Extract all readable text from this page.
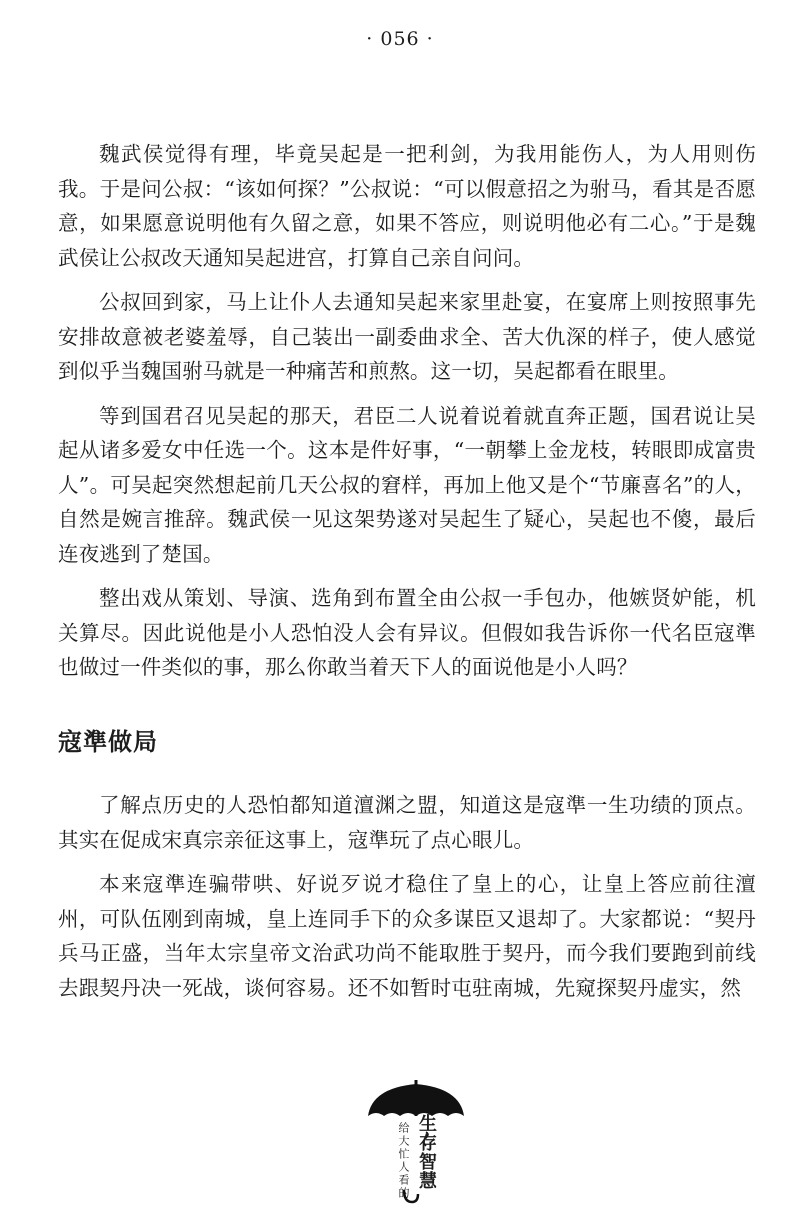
· 056 ·

魏武侯觉得有理，毕竟吴起是一把利剑，为我用能伤人，为人用则伤我。于是问公叔：“该如何探？”公叔说：“可以假意招之为驸马，看其是否愿意，如果愿意说明他有久留之意，如果不答应，则说明他必有二心。”于是魏武侯让公叔改天通知吴起进宫，打算自己亲自问问。

公叔回到家，马上让仆人去通知吴起来家里赴宴，在宴席上则按照事先安排故意被老婆羞辱，自己装出一副委曲求全、苦大仇深的样子，使人感觉到似乎当魏国驸马就是一种痛苦和煎熬。这一切，吴起都看在眼里。

等到国君召见吴起的那天，君臣二人说着说着就直奔正题，国君说让吴起从诸多爱女中任选一个。这本是件好事，“一朝攀上金龙枝，转眼即成富贵人”。可吴起突然想起前几天公叔的窘样，再加上他又是个“节廉喜名”的人，自然是婉言推辞。魏武侯一见这架势遂对吴起生了疑心，吴起也不傻，最后连夜逃到了楚国。

整出戏从策划、导演、选角到布置全由公叔一手包办，他嫉贤妒能，机关算尽。因此说他是小人恐怕没人会有异议。但假如我告诉你一代名臣寇準也做过一件类似的事，那么你敢当着天下人的面说他是小人吗？

寇準做局

了解点历史的人恐怕都知道澶渊之盟，知道这是寇準一生功绩的顶点。其实在促成宋真宗亲征这事上，寇準玩了点心眼儿。

本来寇準连骗带哄、好说歹说才稳住了皇上的心，让皇上答应前往澶州，可队伍刚到南城，皇上连同手下的众多谋臣又退却了。大家都说：“契丹兵马正盛，当年太宗皇帝文治武功尚不能取胜于契丹，而今我们要跑到前线去跟契丹决一死战，谈何容易。还不如暂时屯驻南城，先窥探契丹虚实，然

生存智慧
给大忙人看的
